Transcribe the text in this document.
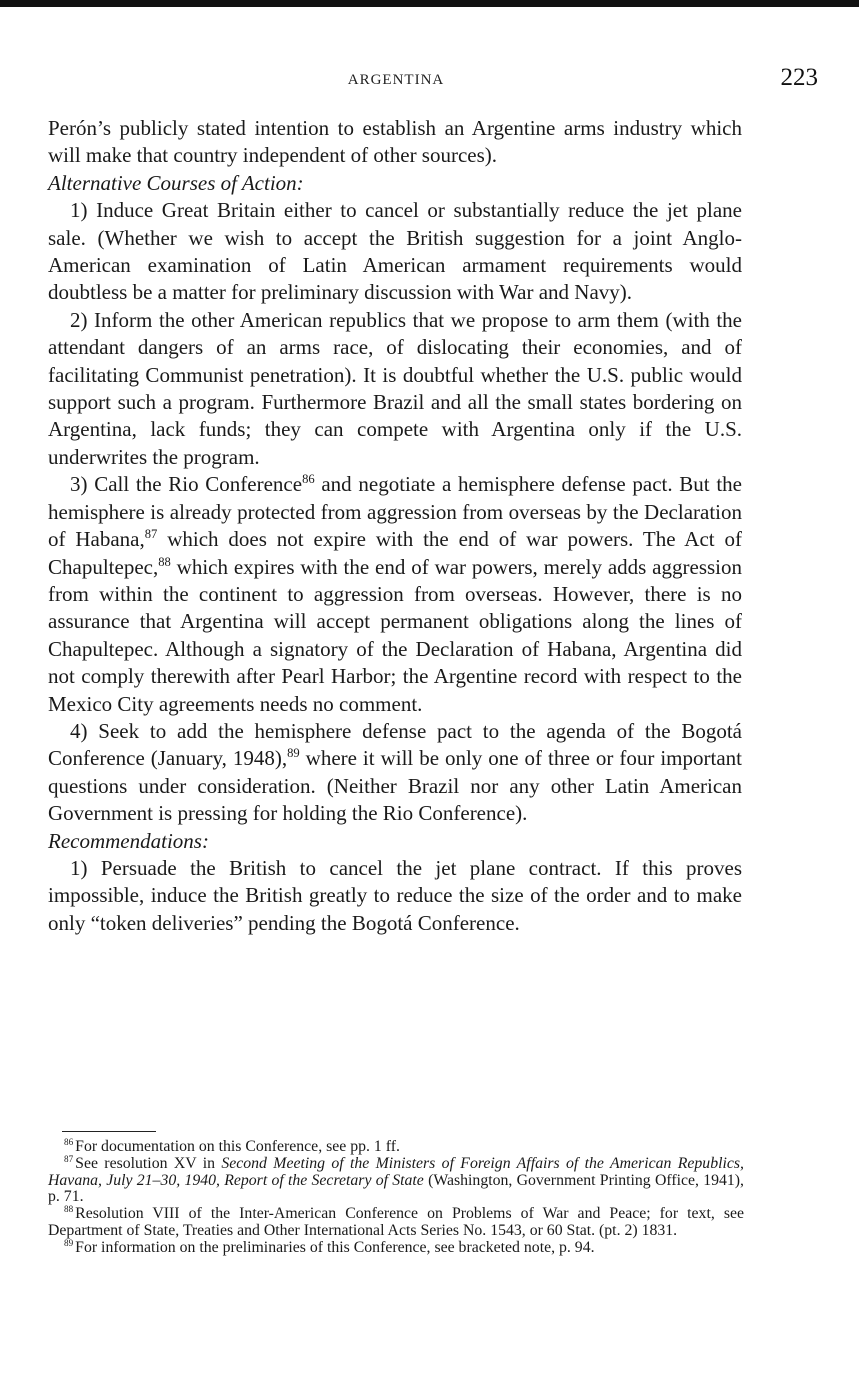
ARGENTINA	223

Perón’s publicly stated intention to establish an Argentine arms industry which will make that country independent of other sources).

Alternative Courses of Action:

1) Induce Great Britain either to cancel or substantially reduce the jet plane sale. (Whether we wish to accept the British suggestion for a joint Anglo-American examination of Latin American armament requirements would doubtless be a matter for preliminary discussion with War and Navy).

2) Inform the other American republics that we propose to arm them (with the attendant dangers of an arms race, of dislocating their economies, and of facilitating Communist penetration). It is doubtful whether the U.S. public would support such a program. Furthermore Brazil and all the small states bordering on Argentina, lack funds; they can compete with Argentina only if the U.S. underwrites the program.

3) Call the Rio Conference$^{86}$ and negotiate a hemisphere defense pact. But the hemisphere is already protected from aggression from overseas by the Declaration of Habana,$^{87}$ which does not expire with the end of war powers. The Act of Chapultepec,$^{88}$ which expires with the end of war powers, merely adds aggression from within the continent to aggression from overseas. However, there is no assurance that Argentina will accept permanent obligations along the lines of Chapultepec. Although a signatory of the Declaration of Habana, Argentina did not comply therewith after Pearl Harbor; the Argentine record with respect to the Mexico City agreements needs no comment.

4) Seek to add the hemisphere defense pact to the agenda of the Bogotá Conference (January, 1948),$^{89}$ where it will be only one of three or four important questions under consideration. (Neither Brazil nor any other Latin American Government is pressing for holding the Rio Conference).

Recommendations:

1) Persuade the British to cancel the jet plane contract. If this proves impossible, induce the British greatly to reduce the size of the order and to make only “token deliveries” pending the Bogotá Conference.

$^{86}$ For documentation on this Conference, see pp. 1 ff.

$^{87}$ See resolution XV in Second Meeting of the Ministers of Foreign Affairs of the American Republics, Havana, July 21–30, 1940, Report of the Secretary of State (Washington, Government Printing Office, 1941), p. 71.

$^{88}$ Resolution VIII of the Inter-American Conference on Problems of War and Peace; for text, see Department of State, Treaties and Other International Acts Series No. 1543, or 60 Stat. (pt. 2) 1831.

$^{89}$ For information on the preliminaries of this Conference, see bracketed note, p. 94.
